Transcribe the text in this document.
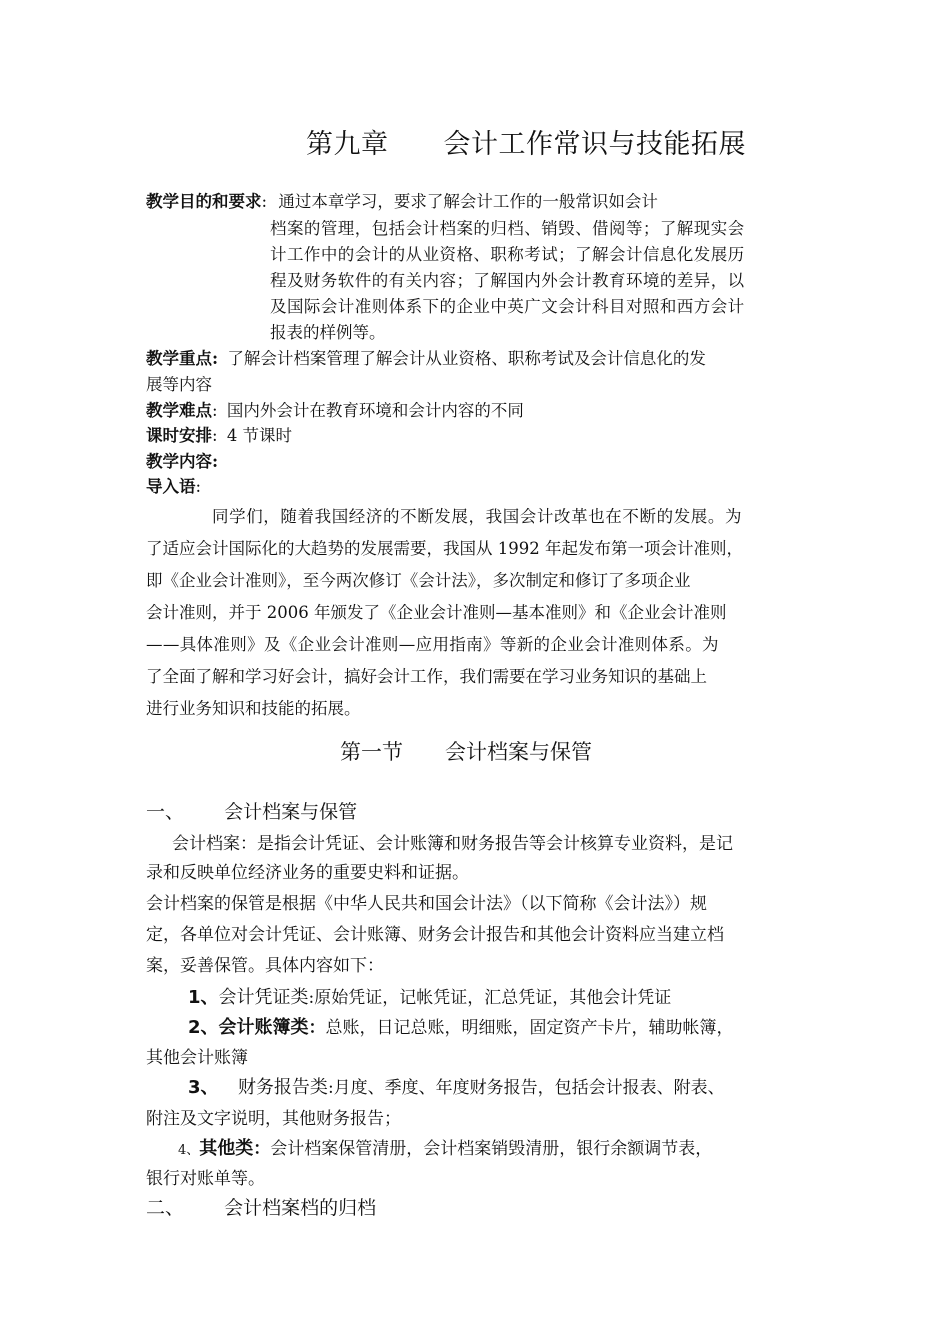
第九章　　会计工作常识与技能拓展
教学目的和要求: 通过本章学习，要求了解会计工作的一般常识如会计
档案的管理，包括会计档案的归档、销毁、借阅等；了解现实会
计工作中的会计的从业资格、职称考试；了解会计信息化发展历
程及财务软件的有关内容；了解国内外会计教育环境的差异，以
及国际会计准则体系下的企业中英广文会计科目对照和西方会计
报表的样例等。
教学重点: 了解会计档案管理了解会计从业资格、职称考试及会计信息化的发
展等内容
教学难点: 国内外会计在教育环境和会计内容的不同
课时安排: 4 节课时
教学内容:
导入语:
同学们，随着我国经济的不断发展，我国会计改革也在不断的发展。为
了适应会计国际化的大趋势的发展需要，我国从 1992 年起发布第一项会计准则，
即《企业会计准则》，至今两次修订《会计法》，多次制定和修订了多项企业
会计准则，并于 2006 年颁发了《企业会计准则—基本准则》和《企业会计准则
——具体准则》及《企业会计准则—应用指南》等新的企业会计准则体系。为
了全面了解和学习好会计，搞好会计工作，我们需要在学习业务知识的基础上
进行业务知识和技能的拓展。
第一节　　会计档案与保管
一、 会计档案与保管
会计档案：是指会计凭证、会计账簿和财务报告等会计核算专业资料，是记
录和反映单位经济业务的重要史料和证据。
会计档案的保管是根据《中华人民共和国会计法》（以下简称《会计法》）规
定，各单位对会计凭证、会计账簿、财务会计报告和其他会计资料应当建立档
案，妥善保管。具体内容如下：
1、会计凭证类:原始凭证，记帐凭证，汇总凭证，其他会计凭证
2、会计账簿类：总账，日记总账，明细账，固定资产卡片，辅助帐簿，
其他会计账簿
3、 财务报告类:月度、季度、年度财务报告，包括会计报表、附表、
附注及文字说明，其他财务报告；
4、其他类：会计档案保管清册，会计档案销毁清册，银行余额调节表，
银行对账单等。
二、 会计档案档的归档
